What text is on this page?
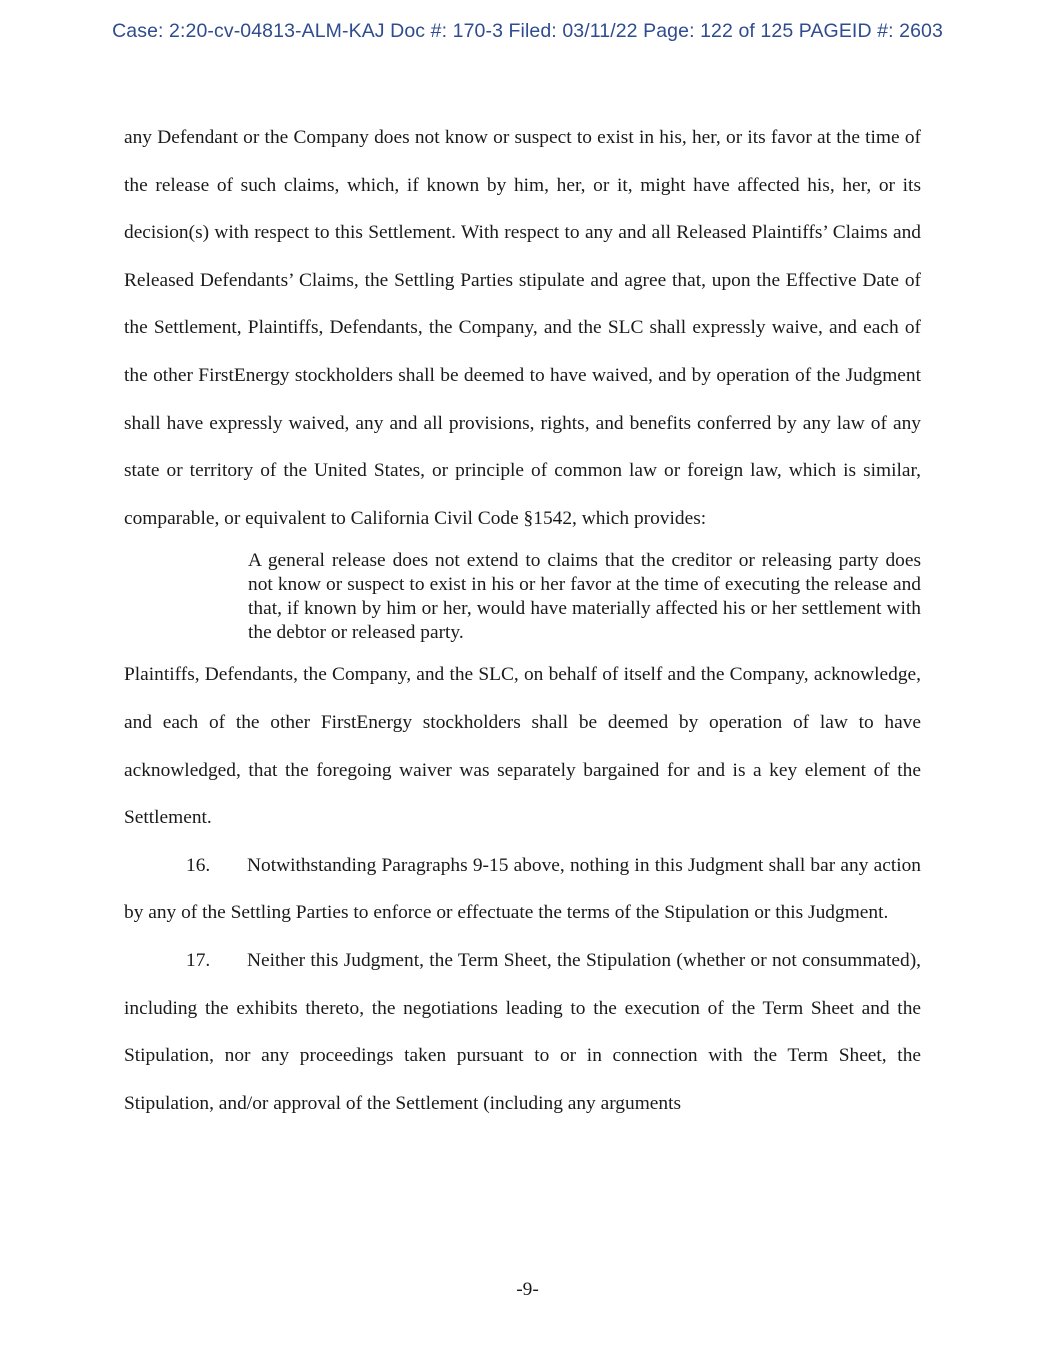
Case: 2:20-cv-04813-ALM-KAJ Doc #: 170-3 Filed: 03/11/22 Page: 122 of 125 PAGEID #: 2603

any Defendant or the Company does not know or suspect to exist in his, her, or its favor at the time of the release of such claims, which, if known by him, her, or it, might have affected his, her, or its decision(s) with respect to this Settlement. With respect to any and all Released Plaintiffs’ Claims and Released Defendants’ Claims, the Settling Parties stipulate and agree that, upon the Effective Date of the Settlement, Plaintiffs, Defendants, the Company, and the SLC shall expressly waive, and each of the other FirstEnergy stockholders shall be deemed to have waived, and by operation of the Judgment shall have expressly waived, any and all provisions, rights, and benefits conferred by any law of any state or territory of the United States, or principle of common law or foreign law, which is similar, comparable, or equivalent to California Civil Code §1542, which provides:

A general release does not extend to claims that the creditor or releasing party does not know or suspect to exist in his or her favor at the time of executing the release and that, if known by him or her, would have materially affected his or her settlement with the debtor or released party.

Plaintiffs, Defendants, the Company, and the SLC, on behalf of itself and the Company, acknowledge, and each of the other FirstEnergy stockholders shall be deemed by operation of law to have acknowledged, that the foregoing waiver was separately bargained for and is a key element of the Settlement.

16. Notwithstanding Paragraphs 9-15 above, nothing in this Judgment shall bar any action by any of the Settling Parties to enforce or effectuate the terms of the Stipulation or this Judgment.

17. Neither this Judgment, the Term Sheet, the Stipulation (whether or not consummated), including the exhibits thereto, the negotiations leading to the execution of the Term Sheet and the Stipulation, nor any proceedings taken pursuant to or in connection with the Term Sheet, the Stipulation, and/or approval of the Settlement (including any arguments

-9-
